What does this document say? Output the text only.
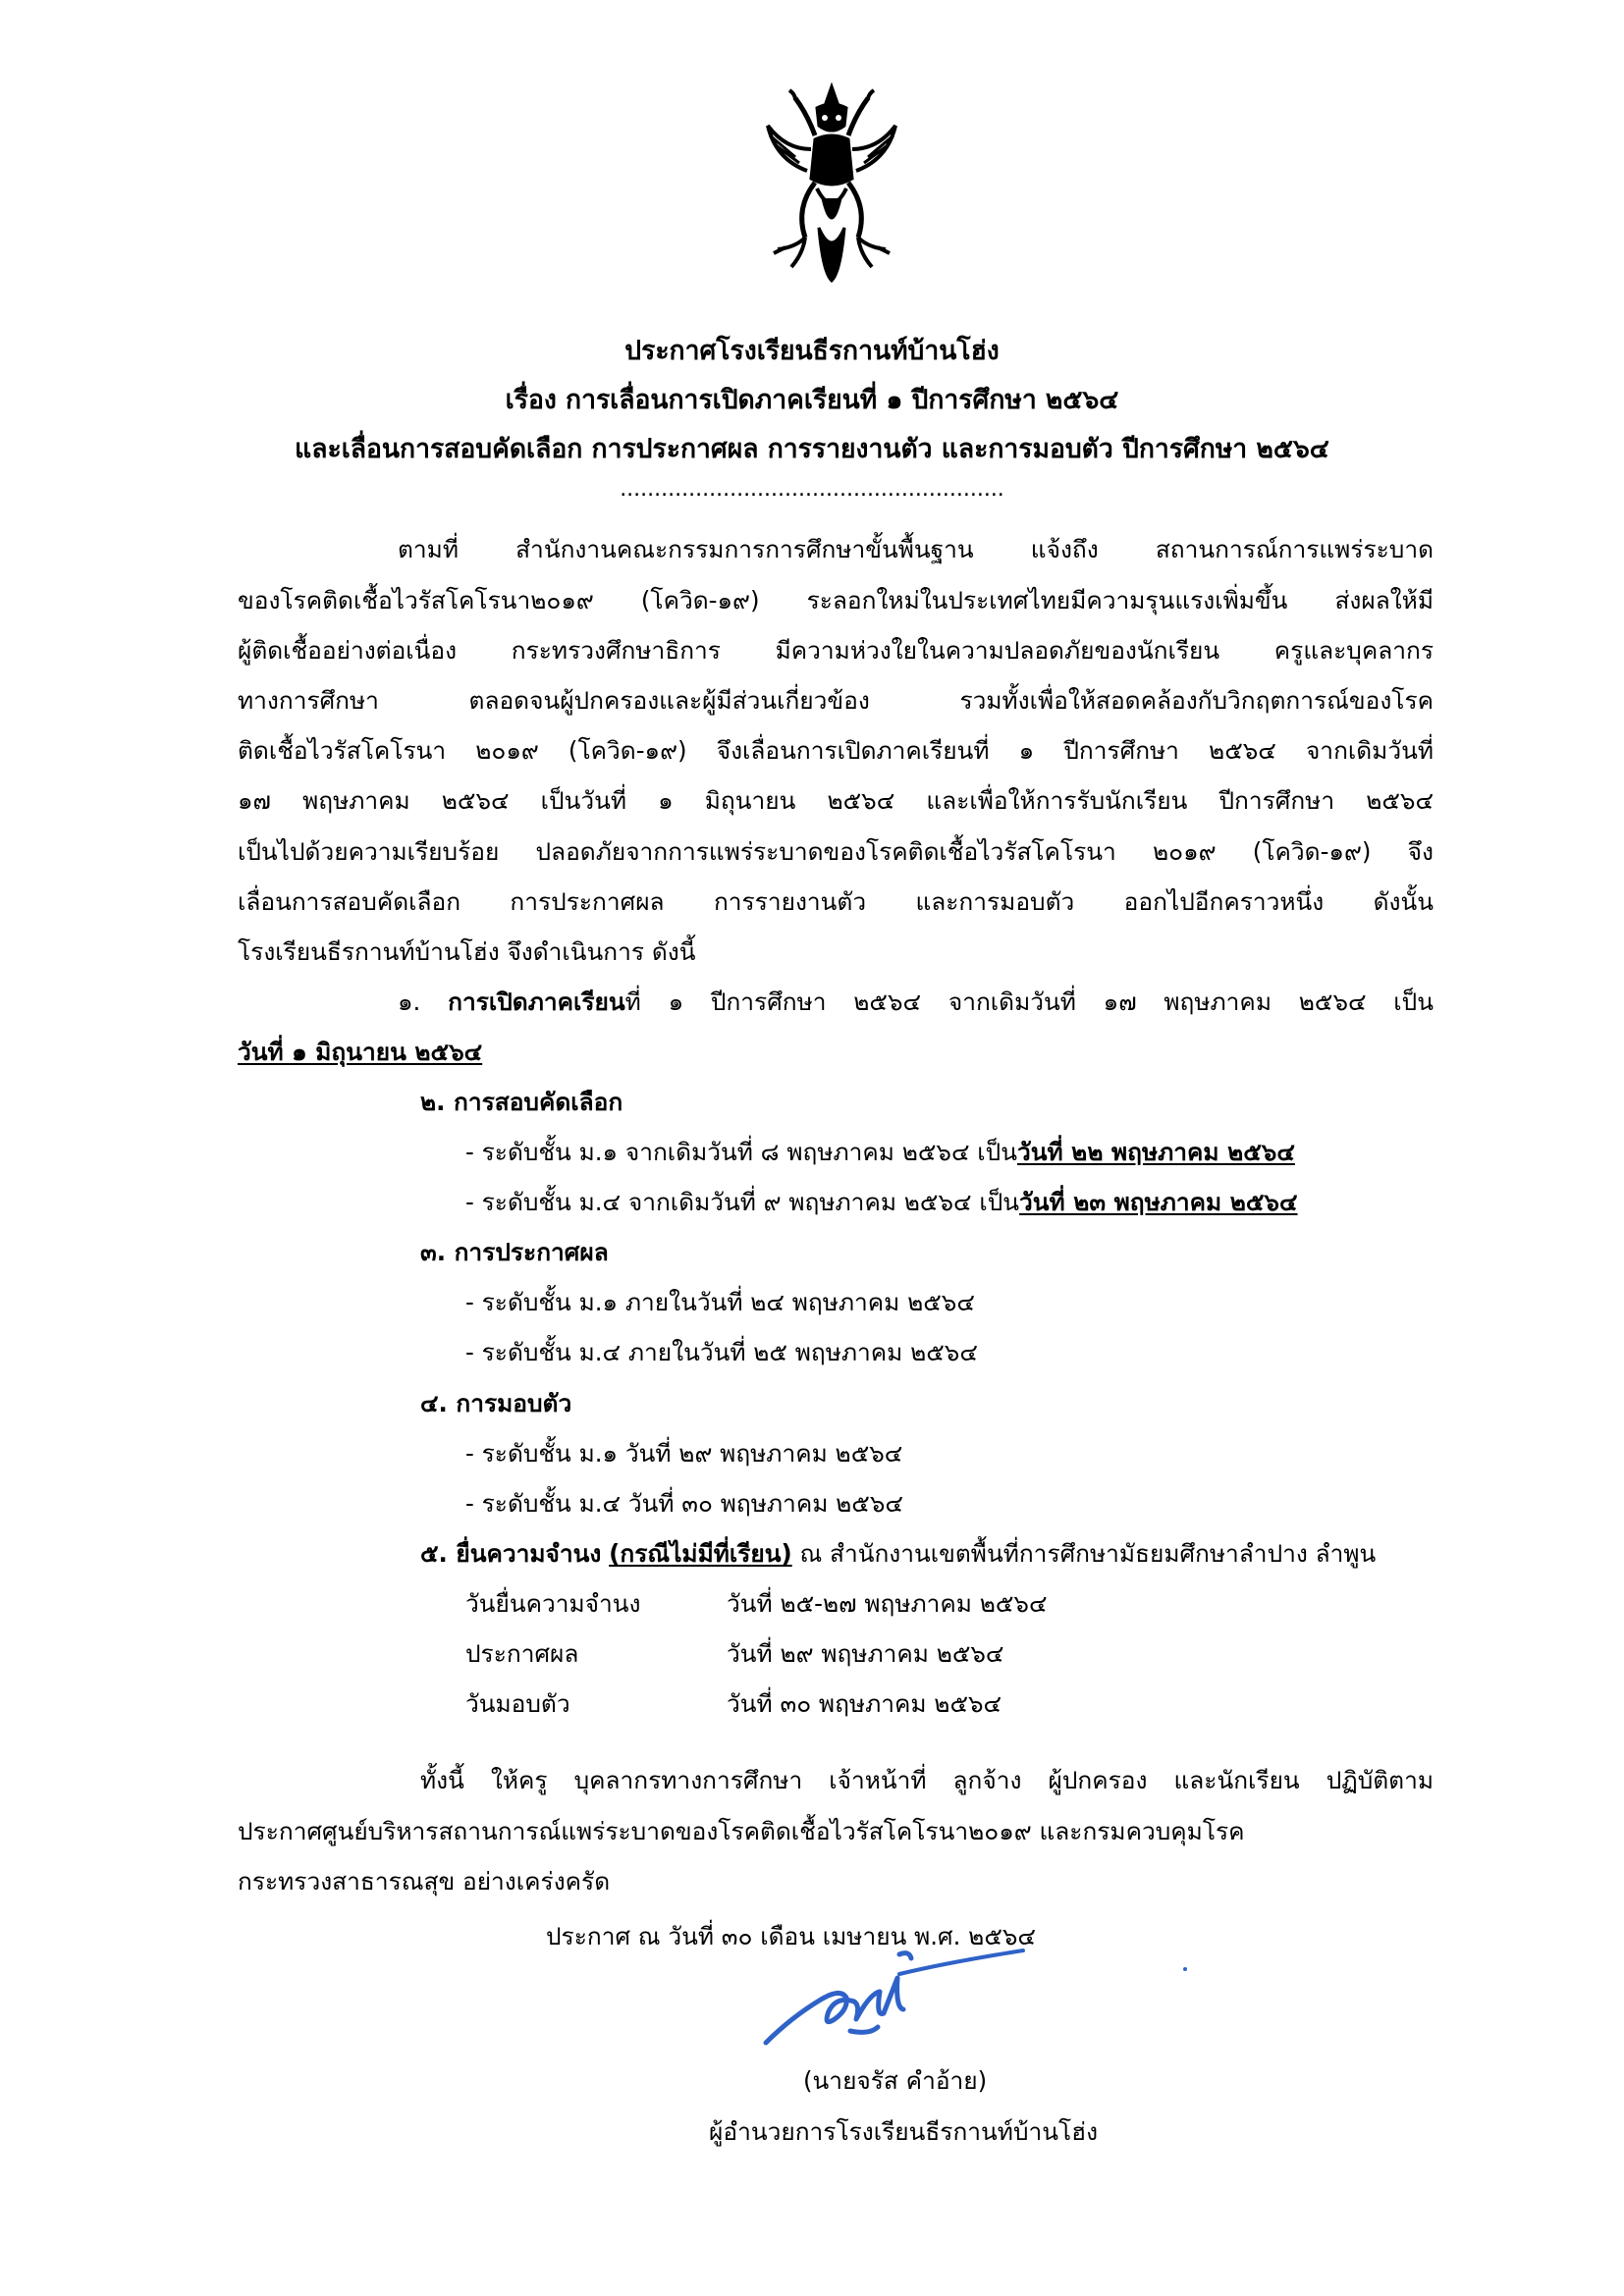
ประกาศโรงเรียนธีรกานท์บ้านโฮ่ง
เรื่อง การเลื่อนการเปิดภาคเรียนที่ ๑ ปีการศึกษา ๒๕๖๔
และเลื่อนการสอบคัดเลือก การประกาศผล การรายงานตัว และการมอบตัว ปีการศึกษา ๒๕๖๔
........................................................
ตามที่ สำนักงานคณะกรรมการการศึกษาขั้นพื้นฐาน แจ้งถึง สถานการณ์การแพร่ระบาด
ของโรคติดเชื้อไวรัสโคโรนา๒๐๑๙ (โควิด-๑๙) ระลอกใหม่ในประเทศไทยมีความรุนแรงเพิ่มขึ้น ส่งผลให้มี
ผู้ติดเชื้ออย่างต่อเนื่อง กระทรวงศึกษาธิการ มีความห่วงใยในความปลอดภัยของนักเรียน ครูและบุคลากร
ทางการศึกษา ตลอดจนผู้ปกครองและผู้มีส่วนเกี่ยวข้อง รวมทั้งเพื่อให้สอดคล้องกับวิกฤตการณ์ของโรค
ติดเชื้อไวรัสโคโรนา ๒๐๑๙ (โควิด-๑๙) จึงเลื่อนการเปิดภาคเรียนที่ ๑ ปีการศึกษา ๒๕๖๔ จากเดิมวันที่
๑๗ พฤษภาคม ๒๕๖๔ เป็นวันที่ ๑ มิถุนายน ๒๕๖๔ และเพื่อให้การรับนักเรียน ปีการศึกษา ๒๕๖๔
เป็นไปด้วยความเรียบร้อย ปลอดภัยจากการแพร่ระบาดของโรคติดเชื้อไวรัสโคโรนา ๒๐๑๙ (โควิด-๑๙) จึง
เลื่อนการสอบคัดเลือก การประกาศผล การรายงานตัว และการมอบตัว ออกไปอีกคราวหนึ่ง ดังนั้น
โรงเรียนธีรกานท์บ้านโฮ่ง จึงดำเนินการ ดังนี้
๑. การเปิดภาคเรียนที่ ๑ ปีการศึกษา ๒๕๖๔ จากเดิมวันที่ ๑๗ พฤษภาคม ๒๕๖๔ เป็น
วันที่ ๑ มิถุนายน ๒๕๖๔
๒. การสอบคัดเลือก
- ระดับชั้น ม.๑ จากเดิมวันที่ ๘ พฤษภาคม ๒๕๖๔ เป็นวันที่ ๒๒ พฤษภาคม ๒๕๖๔
- ระดับชั้น ม.๔ จากเดิมวันที่ ๙ พฤษภาคม ๒๕๖๔ เป็นวันที่ ๒๓ พฤษภาคม ๒๕๖๔
๓. การประกาศผล
- ระดับชั้น ม.๑ ภายในวันที่ ๒๔ พฤษภาคม ๒๕๖๔
- ระดับชั้น ม.๔ ภายในวันที่ ๒๕ พฤษภาคม ๒๕๖๔
๔. การมอบตัว
- ระดับชั้น ม.๑ วันที่ ๒๙ พฤษภาคม ๒๕๖๔
- ระดับชั้น ม.๔ วันที่ ๓๐ พฤษภาคม ๒๕๖๔
๕. ยื่นความจำนง (กรณีไม่มีที่เรียน) ณ สำนักงานเขตพื้นที่การศึกษามัธยมศึกษาลำปาง ลำพูน
วันยื่นความจำนง	วันที่ ๒๕-๒๗ พฤษภาคม ๒๕๖๔
ประกาศผล	วันที่ ๒๙ พฤษภาคม ๒๕๖๔
วันมอบตัว	วันที่ ๓๐ พฤษภาคม ๒๕๖๔
ทั้งนี้ ให้ครู บุคลากรทางการศึกษา เจ้าหน้าที่ ลูกจ้าง ผู้ปกครอง และนักเรียน ปฏิบัติตาม
ประกาศศูนย์บริหารสถานการณ์แพร่ระบาดของโรคติดเชื้อไวรัสโคโรนา๒๐๑๙ และกรมควบคุมโรค
กระทรวงสาธารณสุข อย่างเคร่งครัด
ประกาศ ณ วันที่ ๓๐ เดือน เมษายน พ.ศ. ๒๕๖๔
(นายจรัส คำอ้าย)
ผู้อำนวยการโรงเรียนธีรกานท์บ้านโฮ่ง
